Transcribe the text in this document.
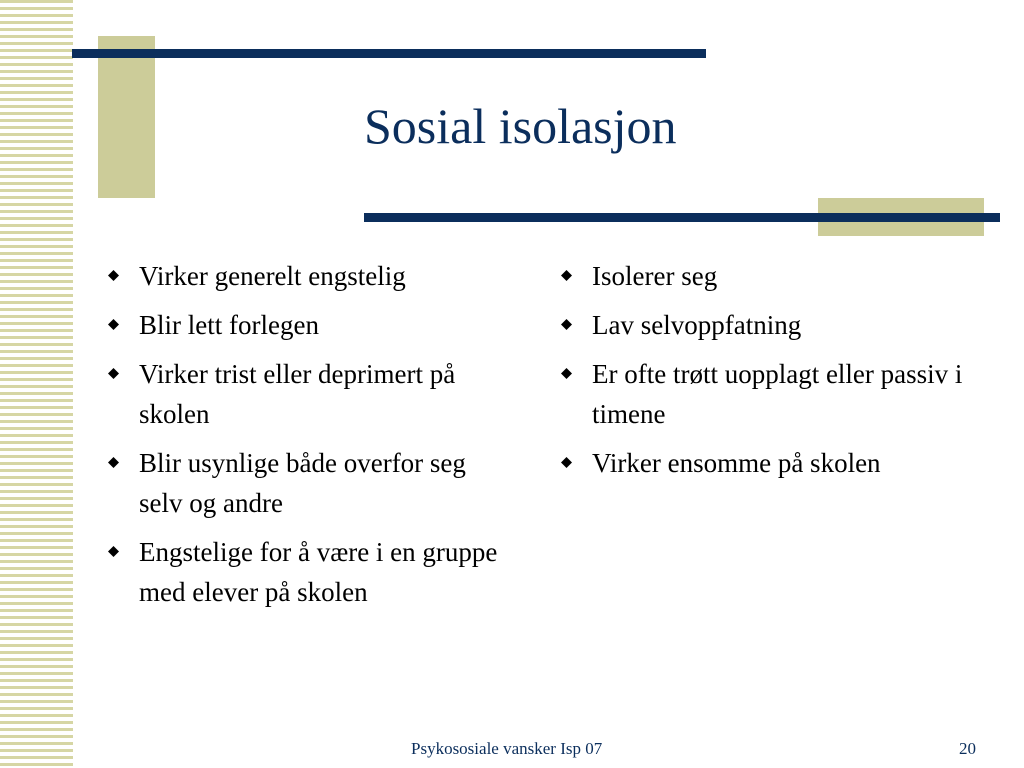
Sosial isolasjon
Virker generelt engstelig
Blir lett forlegen
Virker trist eller deprimert på skolen
Blir usynlige både overfor seg selv og andre
Engstelige for å være i en gruppe med elever på skolen
Isolerer seg
Lav selvoppfatning
Er ofte trøtt uopplagt eller passiv i timene
Virker ensomme på skolen
Psykososiale vansker Isp 07	20
